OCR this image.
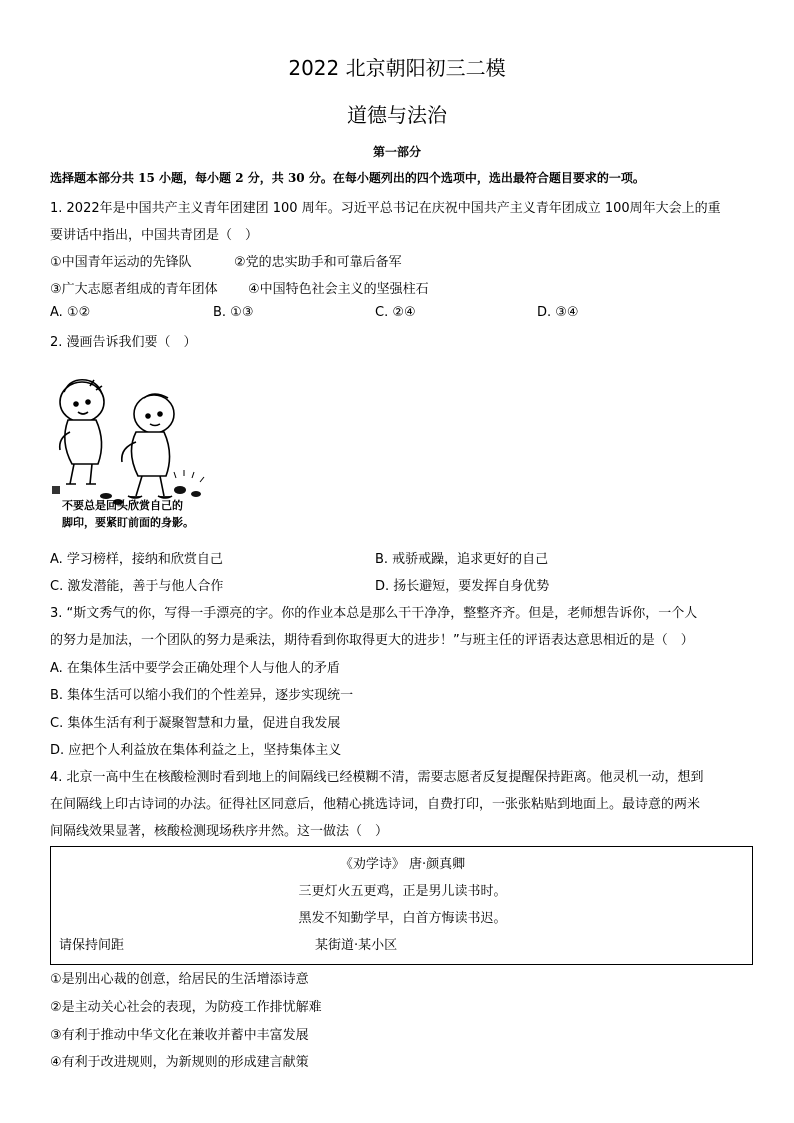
2022 北京朝阳初三二模
道德与法治
第一部分
选择题本部分共 15 小题，每小题 2 分，共 30 分。在每小题列出的四个选项中，选出最符合题目要求的一项。
1. 2022年是中国共产主义青年团建团 100 周年。习近平总书记在庆祝中国共产主义青年团成立 100周年大会上的重
要讲话中指出，中国共青团是（　）
①中国青年运动的先锋队	②党的忠实助手和可靠后备军
③广大志愿者组成的青年团体 ④中国特色社会主义的坚强柱石
A. ①②	B. ①③	C. ②④	D. ③④
2. 漫画告诉我们要（　）
不要总是回头欣赏自己的
脚印，要紧盯前面的身影。
A. 学习榜样，接纳和欣赏自己	B. 戒骄戒躁，追求更好的自己
C. 激发潜能，善于与他人合作	D. 扬长避短，要发挥自身优势
3. “斯文秀气的你，写得一手漂亮的字。你的作业本总是那么干干净净，整整齐齐。但是，老师想告诉你，一个人
的努力是加法，一个团队的努力是乘法，期待看到你取得更大的进步！”与班主任的评语表达意思相近的是（　）
A. 在集体生活中要学会正确处理个人与他人的矛盾
B. 集体生活可以缩小我们的个性差异，逐步实现统一
C. 集体生活有利于凝聚智慧和力量，促进自我发展
D. 应把个人利益放在集体利益之上，坚持集体主义
4. 北京一高中生在核酸检测时看到地上的间隔线已经模糊不清，需要志愿者反复提醒保持距离。他灵机一动，想到
在间隔线上印古诗词的办法。征得社区同意后，他精心挑选诗词，自费打印，一张张粘贴到地面上。最诗意的两米
间隔线效果显著，核酸检测现场秩序井然。这一做法（　）
《劝学诗》 唐·颜真卿
三更灯火五更鸡，正是男儿读书时。
黑发不知勤学早，白首方悔读书迟。
请保持间距	某街道·某小区
①是别出心裁的创意，给居民的生活增添诗意
②是主动关心社会的表现，为防疫工作排忧解难
③有利于推动中华文化在兼收并蓄中丰富发展
④有利于改进规则，为新规则的形成建言献策
